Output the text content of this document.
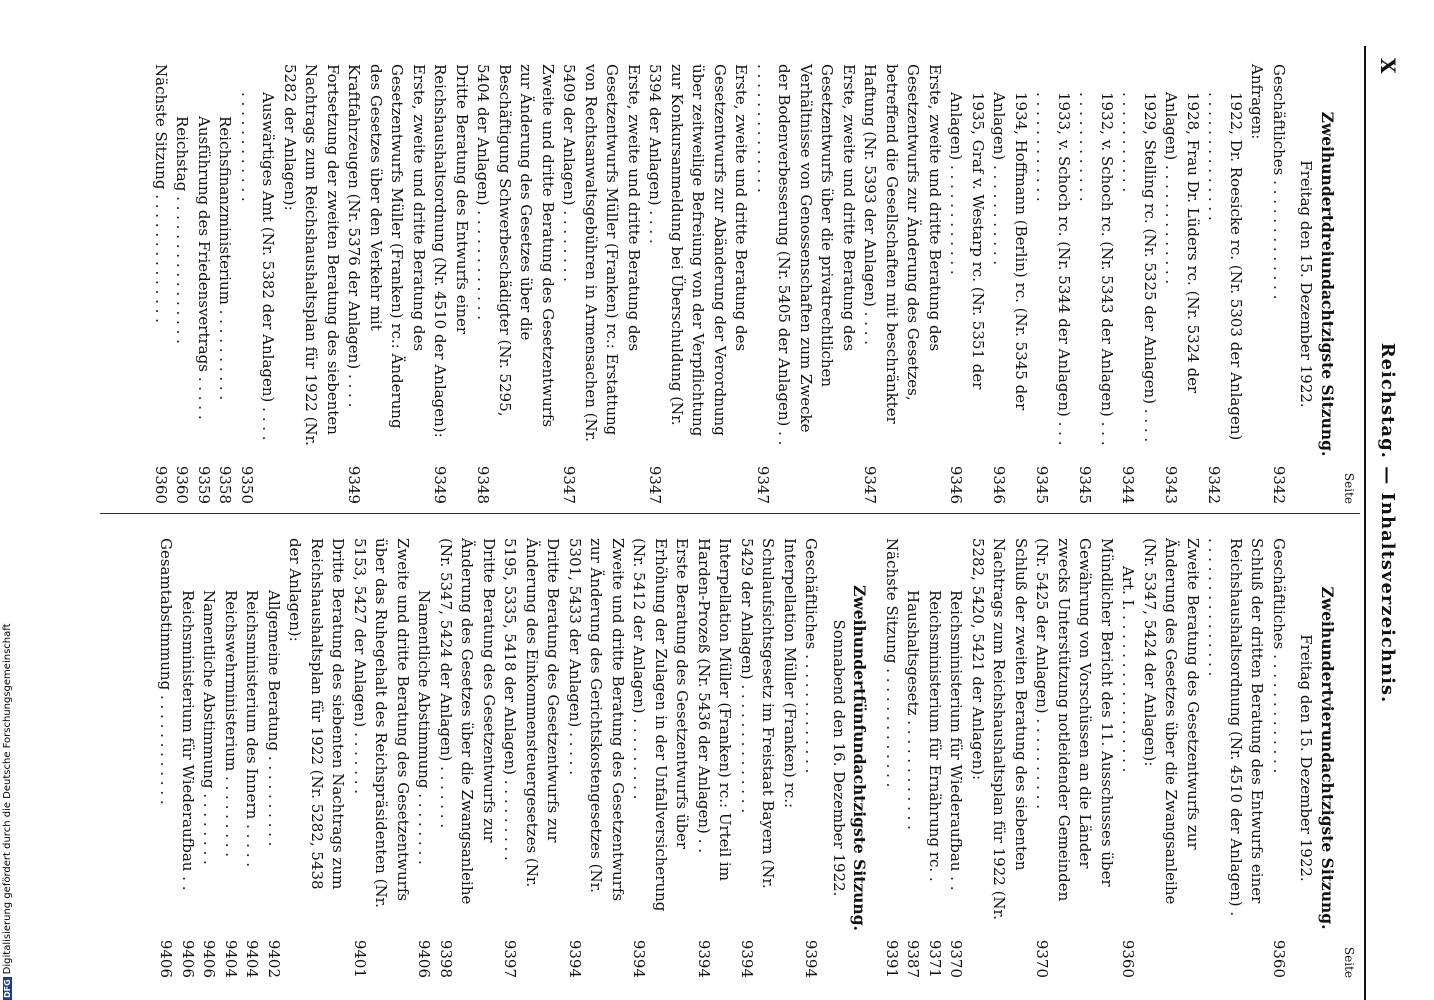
X
Reichstag. — Inhaltsverzeichnis.
Seite
Zweihundertdreiundachtzigste Sitzung.
Freitag den 15. Dezember 1922.
Geschäftliches . . . . . . . . . . . . .
9342
Anfragen:
1922, Dr. Roesicke rc. (Nr. 5303 der Anlagen) . . . . . . . . . . . . . .
9342
1928, Frau Dr. Lüders rc. (Nr. 5324 der Anlagen) . . . . . . . . . . . . .
9343
1929, Stelling rc. (Nr. 5325 der Anlagen) . . . . . . . . . . . . . . .
9344
1932, v. Schoch rc. (Nr. 5343 der Anlagen) . . . . . . . . . . . . . . .
9345
1933, v. Schoch rc. (Nr. 5344 der Anlagen) . . . . . . . . . . . . . . .
9345
1934, Hoffmann (Berlin) rc. (Nr. 5345 der Anlagen) . . . . . . . . . . .
9346
1935, Graf v. Westarp rc. (Nr. 5351 der Anlagen) . . . . . . . . . . . .
9346
Erste, zweite und dritte Beratung des Gesetzentwurfs zur Änderung des Gesetzes, betreffend die Gesellschaften mit beschränkter Haftung (Nr. 5393 der Anlagen) . . . .
9347
Erste, zweite und dritte Beratung des Gesetzentwurfs über die privatrechtlichen Verhältnisse von Genossenschaften zum Zwecke der Bodenverbesserung (Nr. 5405 der Anlagen) . . . . . . . . . . . . . . . .
9347
Erste, zweite und dritte Beratung des Gesetzentwurfs zur Abänderung der Verordnung über zeitweilige Befreiung von der Verpflichtung zur Konkursanmeldung bei Überschuldung (Nr. 5394 der Anlagen) . . . .
9347
Erste, zweite und dritte Beratung des Gesetzentwurfs Müller (Franken) rc.: Erstattung von Rechtsanwaltsgebühren in Armensachen (Nr. 5409 der Anlagen) . . . . . . . .
9347
Zweite und dritte Beratung des Gesetzentwurfs zur Änderung des Gesetzes über die Beschäftigung Schwerbeschädigter (Nr. 5295, 5404 der Anlagen) . . . . . . . . . . . .
9348
Dritte Beratung des Entwurfs einer Reichshaushaltsordnung (Nr. 4510 der Anlagen):
9349
Erste, zweite und dritte Beratung des Gesetzentwurfs Müller (Franken) rc.: Änderung des Gesetzes über den Verkehr mit Kraftfahrzeugen (Nr. 5376 der Anlagen) . . . .
9349
Fortsetzung der zweiten Beratung des siebenten Nachtrags zum Reichshaushaltsplan für 1922 (Nr. 5282 der Anlagen):
Auswärtiges Amt (Nr. 5382 der Anlagen) . . . . . . . . . . . . . . . .
9350
Reichsfinanzministerium . . . . . . . . . .
9358
Ausführung des Friedensvertrags . . . . .
9359
Reichstag . . . . . . . . . . . . . . . .
9360
Nächste Sitzung . . . . . . . . . . . . . .
9360
Seite
Zweihundertvierundachtzigste Sitzung.
Freitag den 15. Dezember 1922.
Geschäftliches . . . . . . . . . . . . .
9360
Schluß der dritten Beratung des Entwurfs einer Reichshaushaltsordnung (Nr. 4510 der Anlagen) . . . . . . . . . . . . . . . .
Zweite Beratung des Gesetzentwurfs zur Änderung des Gesetzes über die Zwangsanleihe (Nr. 5347, 5424 der Anlagen):
Art. I. . . . . . . . . . . . . . . . . .
9360
Mündlicher Bericht des 11. Ausschusses über Gewährung von Vorschüssen an die Länder zwecks Unterstützung notleidender Gemeinden (Nr. 5425 der Anlagen) . . . . . . . . . .
9370
Schluß der zweiten Beratung des siebenten Nachtrags zum Reichshaushaltsplan für 1922 (Nr. 5282, 5420, 5421 der Anlagen):
Reichsministerium für Wiederaufbau . .
9370
Reichsministerium für Ernährung rc. .
9371
Haushaltsgesetz . . . . . . . . . . . .
9387
Nächste Sitzung . . . . . . . . . . . . .
9391
Zweihundertfünfundachtzigste Sitzung.
Sonnabend den 16. Dezember 1922.
Geschäftliches . . . . . . . . . . . . .
9394
Interpellation Müller (Franken) rc.: Schulaufsichtsgesetz im Freistaat Bayern (Nr. 5429 der Anlagen) . . . . . . . . . . . . . .
9394
Interpellation Müller (Franken) rc.: Urteil im Harden-Prozeß (Nr. 5436 der Anlagen) . .
9394
Erste Beratung des Gesetzentwurfs über Erhöhung der Zulagen in der Unfallversicherung (Nr. 5412 der Anlagen) . . . . . . . . .
9394
Zweite und dritte Beratung des Gesetzentwurfs zur Änderung des Gerichtskostengesetzes (Nr. 5301, 5433 der Anlagen) . . . . .
9394
Dritte Beratung des Gesetzentwurfs zur Änderung des Einkommensteuergesetzes (Nr. 5195, 5335, 5418 der Anlagen) . . . . . . . . .
9397
Dritte Beratung des Gesetzentwurfs zur Änderung des Gesetzes über die Zwangsanleihe (Nr. 5347, 5424 der Anlagen) . . . . . . .
9398
Namentliche Abstimmung . . . . . . . .
9406
Zweite und dritte Beratung des Gesetzentwurfs über das Ruhegehalt des Reichspräsidenten (Nr. 5153, 5427 der Anlagen) . . . . . . .
9401
Dritte Beratung des siebenten Nachtrags zum Reichshaushaltsplan für 1922 (Nr. 5282, 5438 der Anlagen):
Allgemeine Beratung . . . . . . . . . .
9402
Reichsministerium des Innern . . . . .
9404
Reichswehrministerium . . . . . . . . .
9404
Namentliche Abstimmung . . . . . . . .
9406
Reichsministerium für Wiederaufbau . .
9406
Gesamtabstimmung . . . . . . . . . . . .
9406
DFGDigitalisierung gefördert durch die Deutsche Forschungsgemeinschaft
